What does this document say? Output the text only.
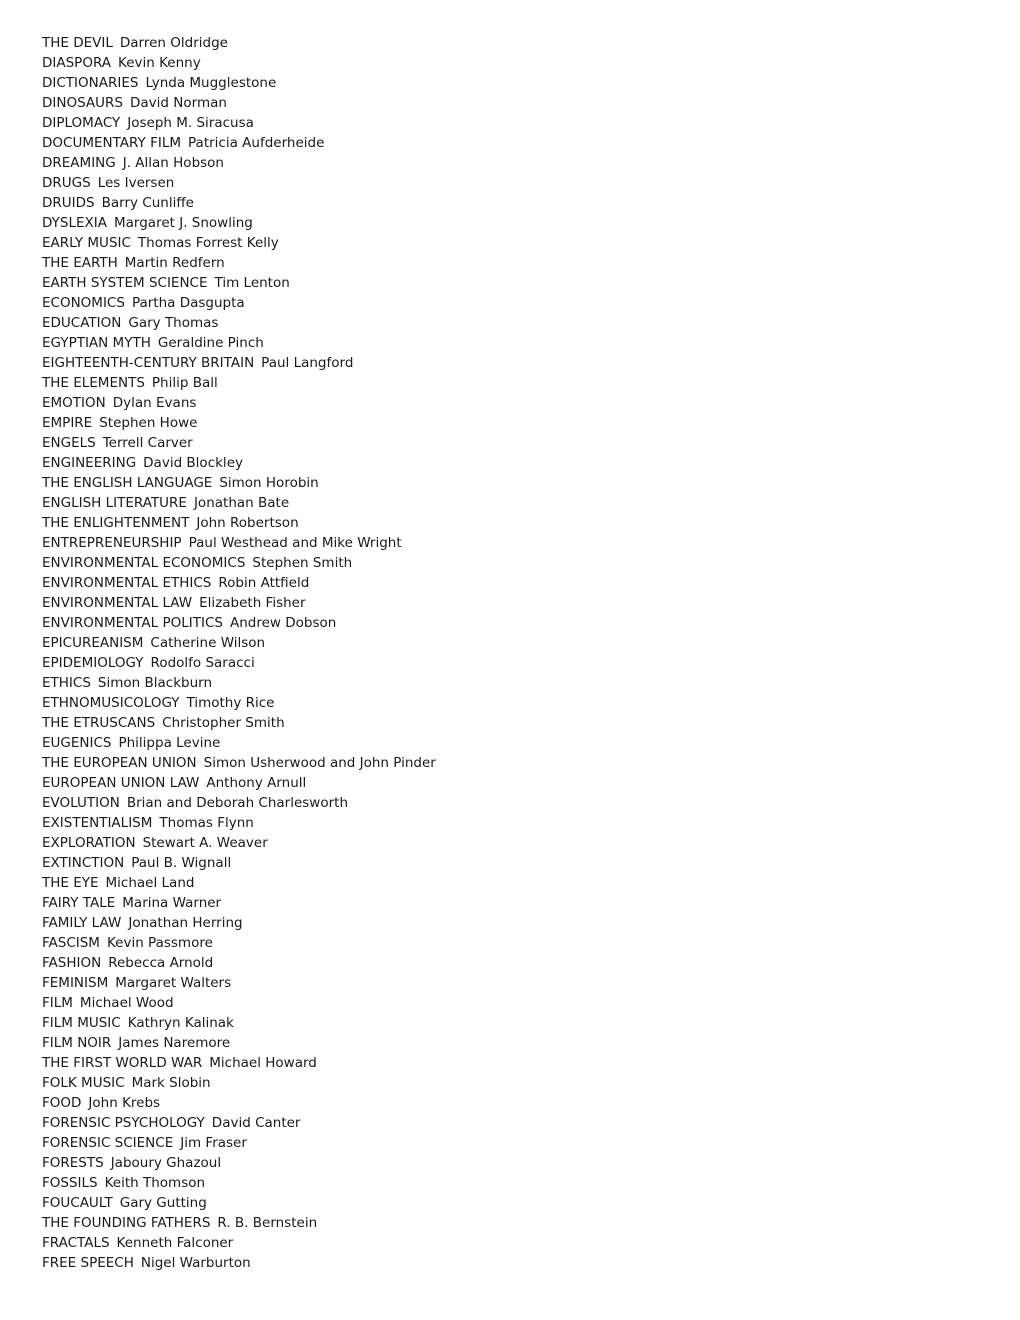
THE DEVIL Darren Oldridge
DIASPORA Kevin Kenny
DICTIONARIES Lynda Mugglestone
DINOSAURS David Norman
DIPLOMACY Joseph M. Siracusa
DOCUMENTARY FILM Patricia Aufderheide
DREAMING J. Allan Hobson
DRUGS Les Iversen
DRUIDS Barry Cunliffe
DYSLEXIA Margaret J. Snowling
EARLY MUSIC Thomas Forrest Kelly
THE EARTH Martin Redfern
EARTH SYSTEM SCIENCE Tim Lenton
ECONOMICS Partha Dasgupta
EDUCATION Gary Thomas
EGYPTIAN MYTH Geraldine Pinch
EIGHTEENTH-CENTURY BRITAIN Paul Langford
THE ELEMENTS Philip Ball
EMOTION Dylan Evans
EMPIRE Stephen Howe
ENGELS Terrell Carver
ENGINEERING David Blockley
THE ENGLISH LANGUAGE Simon Horobin
ENGLISH LITERATURE Jonathan Bate
THE ENLIGHTENMENT John Robertson
ENTREPRENEURSHIP Paul Westhead and Mike Wright
ENVIRONMENTAL ECONOMICS Stephen Smith
ENVIRONMENTAL ETHICS Robin Attfield
ENVIRONMENTAL LAW Elizabeth Fisher
ENVIRONMENTAL POLITICS Andrew Dobson
EPICUREANISM Catherine Wilson
EPIDEMIOLOGY Rodolfo Saracci
ETHICS Simon Blackburn
ETHNOMUSICOLOGY Timothy Rice
THE ETRUSCANS Christopher Smith
EUGENICS Philippa Levine
THE EUROPEAN UNION Simon Usherwood and John Pinder
EUROPEAN UNION LAW Anthony Arnull
EVOLUTION Brian and Deborah Charlesworth
EXISTENTIALISM Thomas Flynn
EXPLORATION Stewart A. Weaver
EXTINCTION Paul B. Wignall
THE EYE Michael Land
FAIRY TALE Marina Warner
FAMILY LAW Jonathan Herring
FASCISM Kevin Passmore
FASHION Rebecca Arnold
FEMINISM Margaret Walters
FILM Michael Wood
FILM MUSIC Kathryn Kalinak
FILM NOIR James Naremore
THE FIRST WORLD WAR Michael Howard
FOLK MUSIC Mark Slobin
FOOD John Krebs
FORENSIC PSYCHOLOGY David Canter
FORENSIC SCIENCE Jim Fraser
FORESTS Jaboury Ghazoul
FOSSILS Keith Thomson
FOUCAULT Gary Gutting
THE FOUNDING FATHERS R. B. Bernstein
FRACTALS Kenneth Falconer
FREE SPEECH Nigel Warburton
